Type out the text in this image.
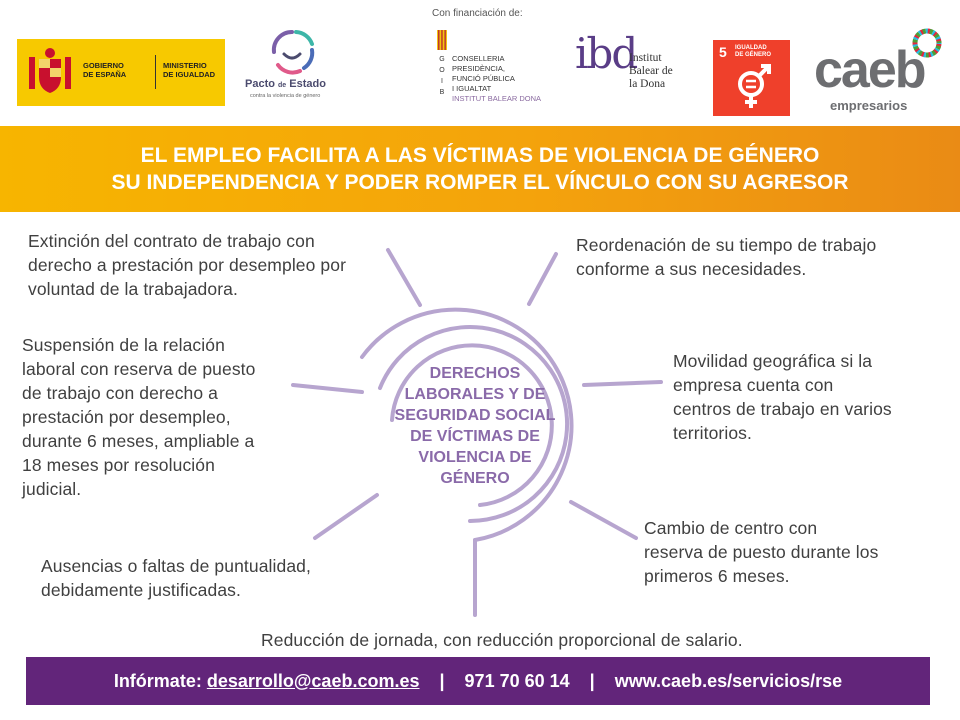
Con financiación de:
GOBIERNO
DE ESPAÑA
MINISTERIO
DE IGUALDAD
Pacto de Estado
contra la violencia de género
G
O
I
B
CONSELLERIA
PRESIDÈNCIA,
FUNCIÓ PÚBLICA
I IGUALTAT
INSTITUT BALEAR DONA
ibd
Institut
Balear de
la Dona
5 IGUALDAD
DE GÉNERO caeb
empresarios
EL EMPLEO FACILITA A LAS VÍCTIMAS DE VIOLENCIA DE GÉNERO
SU INDEPENDENCIA Y PODER ROMPER EL VÍNCULO CON SU AGRESOR
DERECHOS
LABORALES Y DE
SEGURIDAD SOCIAL
DE VÍCTIMAS DE
VIOLENCIA DE
GÉNERO
Extinción del contrato de trabajo con
derecho a prestación por desempleo por
voluntad de la trabajadora.
Suspensión de la relación
laboral con reserva de puesto
de trabajo con derecho a
prestación por desempleo,
durante 6 meses, ampliable a
18 meses por resolución
judicial.
Ausencias o faltas de puntualidad,
debidamente justificadas.
Reducción de jornada, con reducción proporcional de salario.
Cambio de centro con
reserva de puesto durante los
primeros 6 meses.
Movilidad geográfica si la
empresa cuenta con
centros de trabajo en varios
territorios.
Reordenación de su tiempo de trabajo
conforme a sus necesidades.
Infórmate:
desarrollo@caeb.com.es | 971 70 60 14 | www.caeb.es/servicios/rse
